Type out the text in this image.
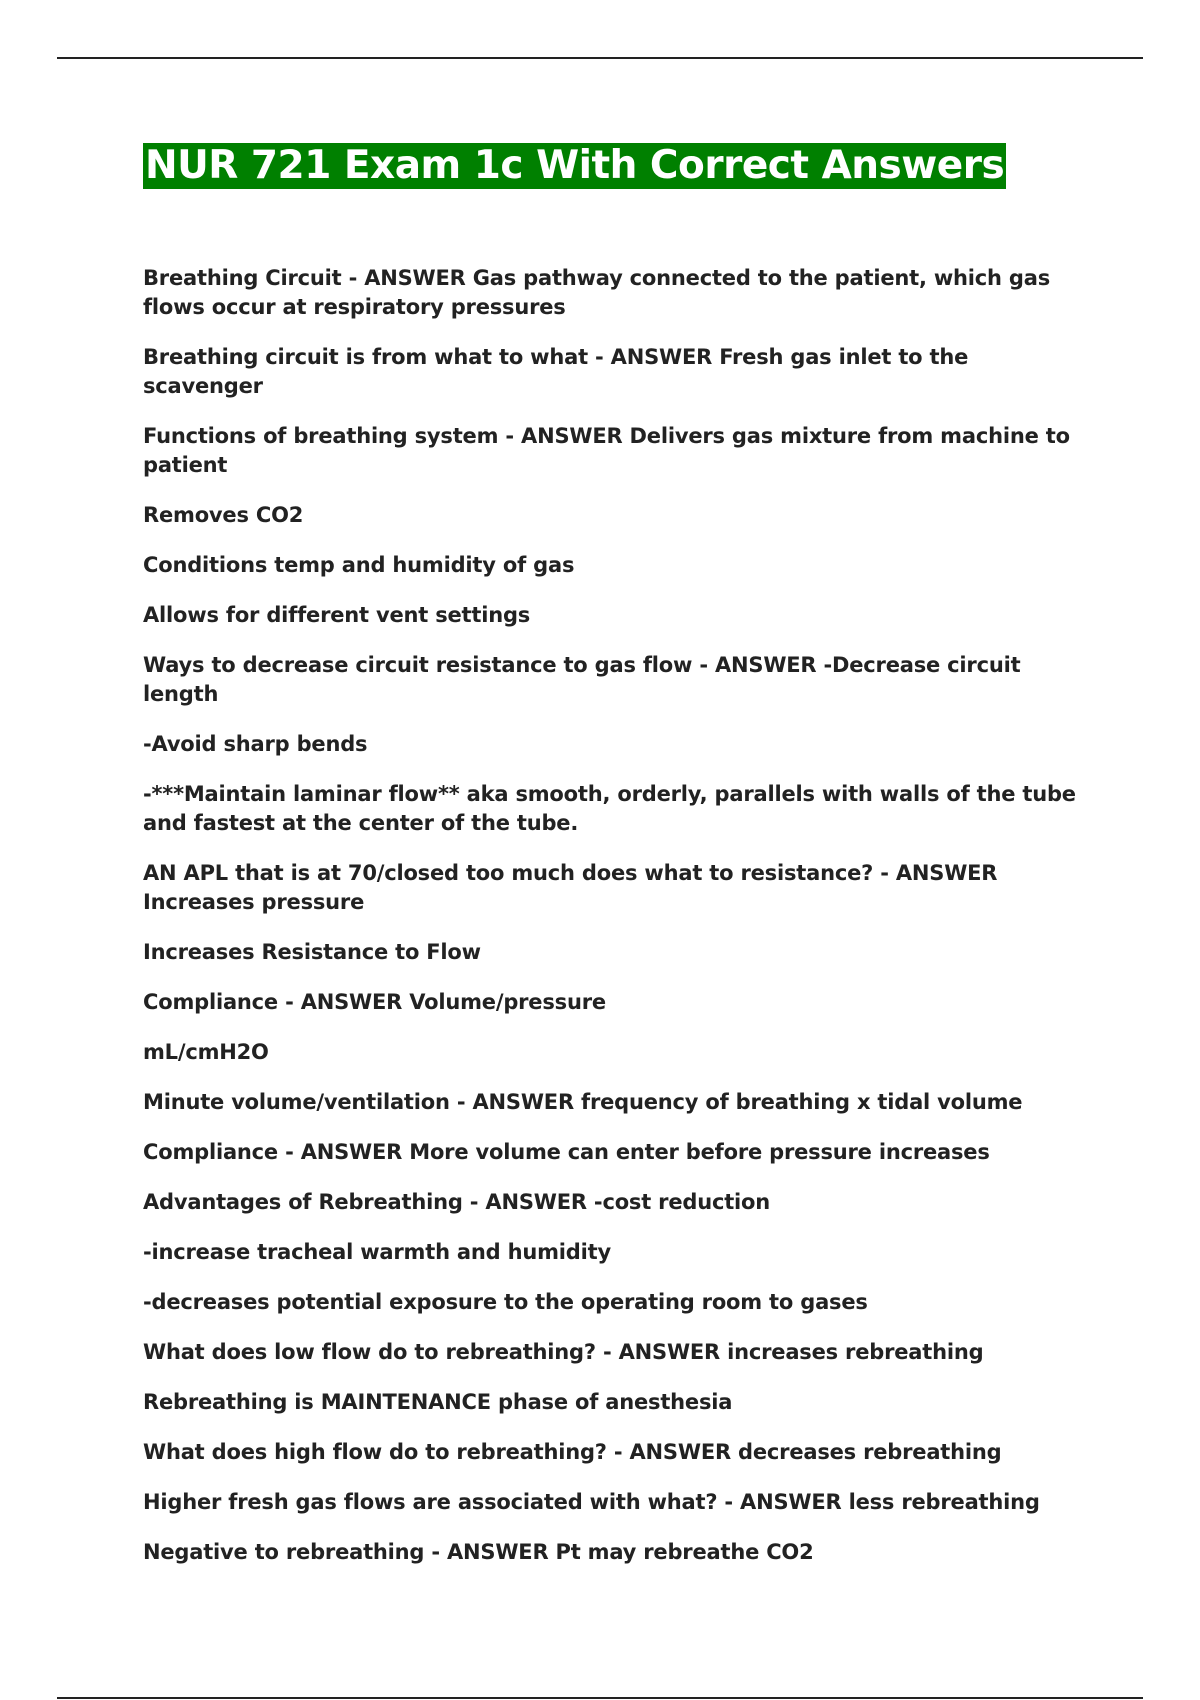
NUR 721 Exam 1c With Correct Answers

Breathing Circuit - ANSWER Gas pathway connected to the patient, which gas flows occur at respiratory pressures

Breathing circuit is from what to what - ANSWER Fresh gas inlet to the scavenger

Functions of breathing system - ANSWER Delivers gas mixture from machine to patient

Removes CO2

Conditions temp and humidity of gas

Allows for different vent settings

Ways to decrease circuit resistance to gas flow - ANSWER -Decrease circuit length

-Avoid sharp bends

-***Maintain laminar flow** aka smooth, orderly, parallels with walls of the tube and fastest at the center of the tube.

AN APL that is at 70/closed too much does what to resistance? - ANSWER Increases pressure

Increases Resistance to Flow

Compliance - ANSWER Volume/pressure

mL/cmH2O

Minute volume/ventilation - ANSWER frequency of breathing x tidal volume

Compliance - ANSWER More volume can enter before pressure increases

Advantages of Rebreathing - ANSWER -cost reduction

-increase tracheal warmth and humidity

-decreases potential exposure to the operating room to gases

What does low flow do to rebreathing? - ANSWER increases rebreathing

Rebreathing is MAINTENANCE phase of anesthesia

What does high flow do to rebreathing? - ANSWER decreases rebreathing

Higher fresh gas flows are associated with what? - ANSWER less rebreathing

Negative to rebreathing - ANSWER Pt may rebreathe CO2
